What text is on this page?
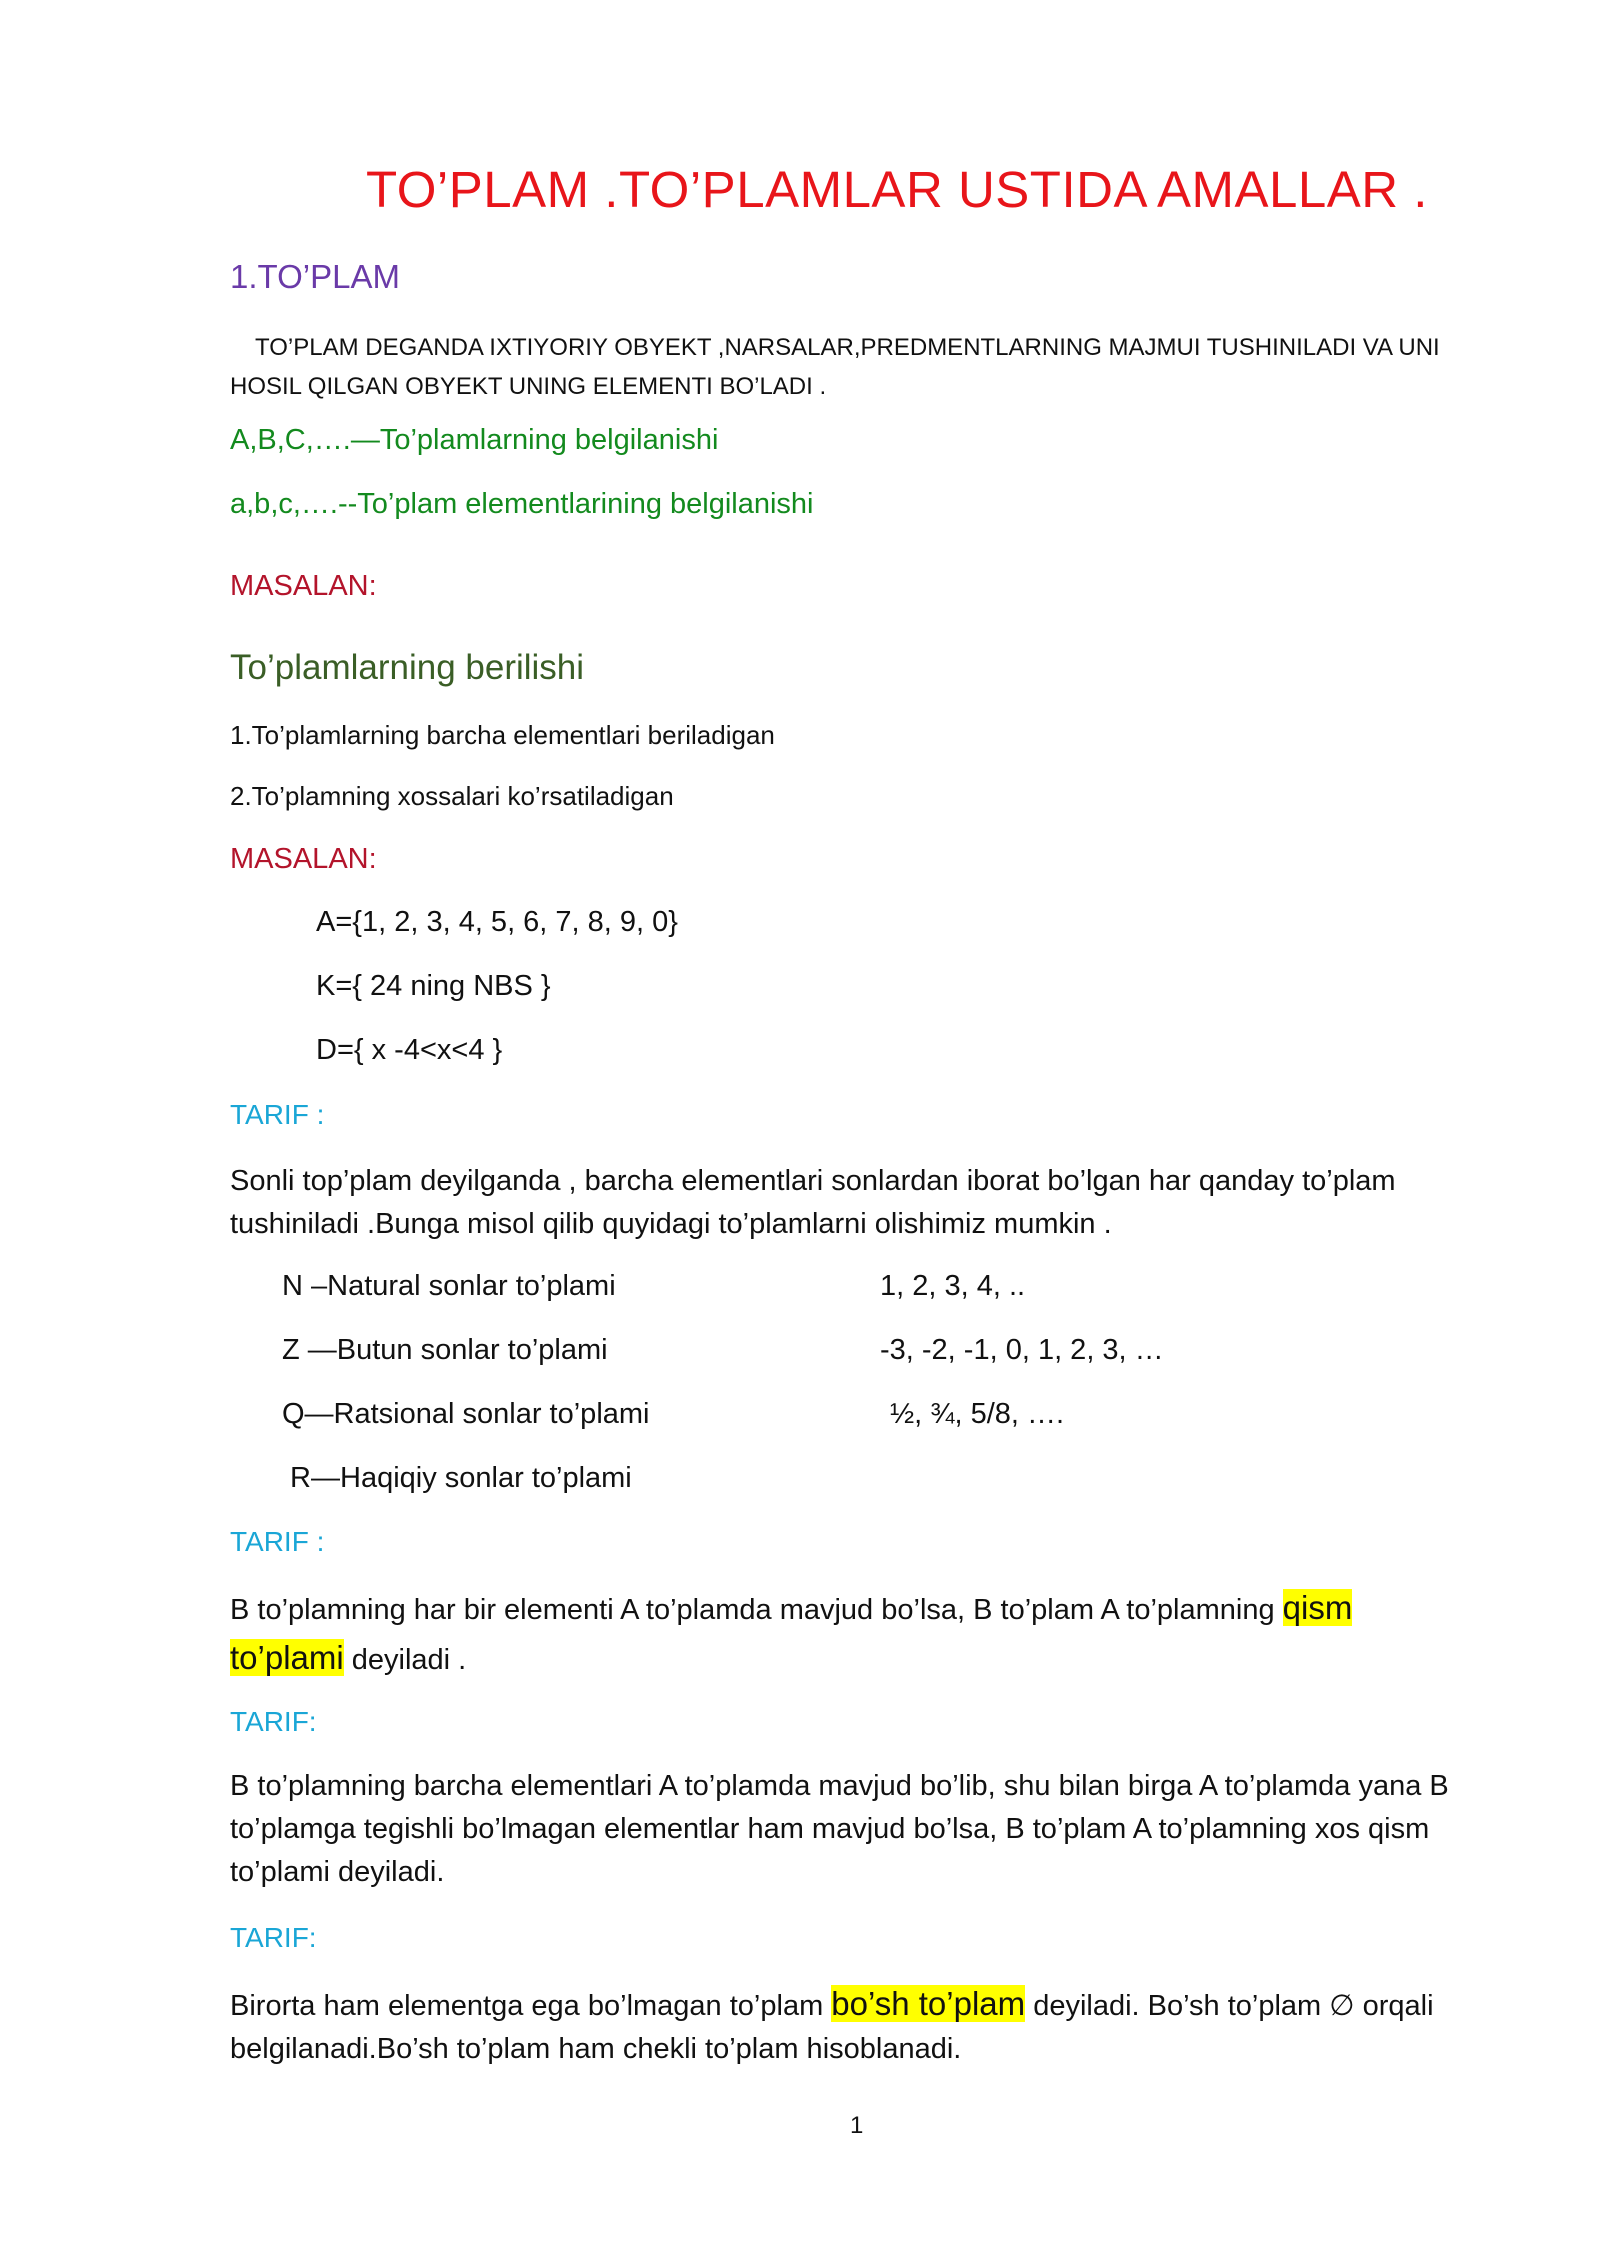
TO’PLAM .TO’PLAMLAR USTIDA AMALLAR .
1.TO’PLAM
TO’PLAM DEGANDA IXTIYORIY OBYEKT ,NARSALAR,PREDMENTLARNING MAJMUI TUSHINILADI VA UNI HOSIL QILGAN OBYEKT UNING ELEMENTI BO’LADI .
A,B,C,….—To’plamlarning belgilanishi
a,b,c,….--To’plam elementlarining belgilanishi
MASALAN:
To’plamlarning berilishi
1.To’plamlarning barcha elementlari beriladigan
2.To’plamning xossalari ko’rsatiladigan
MASALAN:
A={1, 2, 3, 4, 5, 6, 7, 8, 9, 0}
K={ 24 ning NBS }
D={ x -4<x<4 }
TARIF :
Sonli top’plam deyilganda , barcha elementlari sonlardan iborat bo’lgan har qanday to’plam tushiniladi .Bunga misol qilib quyidagi to’plamlarni olishimiz mumkin .
N –Natural sonlar to’plami	1, 2, 3, 4, ..
Z —Butun sonlar to’plami	-3, -2, -1, 0, 1, 2, 3, …
Q—Ratsional sonlar to’plami	½, ¾, 5/8, ….
R—Haqiqiy sonlar to’plami
TARIF :
B to’plamning har bir elementi A to’plamda mavjud bo’lsa, B to’plam A to’plamning qism
to’plami deyiladi .
TARIF:
B to’plamning barcha elementlari A to’plamda mavjud bo’lib, shu bilan birga A to’plamda yana B to’plamga tegishli bo’lmagan elementlar ham mavjud bo’lsa, B to’plam A to’plamning xos qism to’plami deyiladi.
TARIF:
Birorta ham elementga ega bo’lmagan to’plam bo’sh to’plam deyiladi. Bo’sh to’plam ∅ orqali belgilanadi.Bo’sh to’plam ham chekli to’plam hisoblanadi.
1
